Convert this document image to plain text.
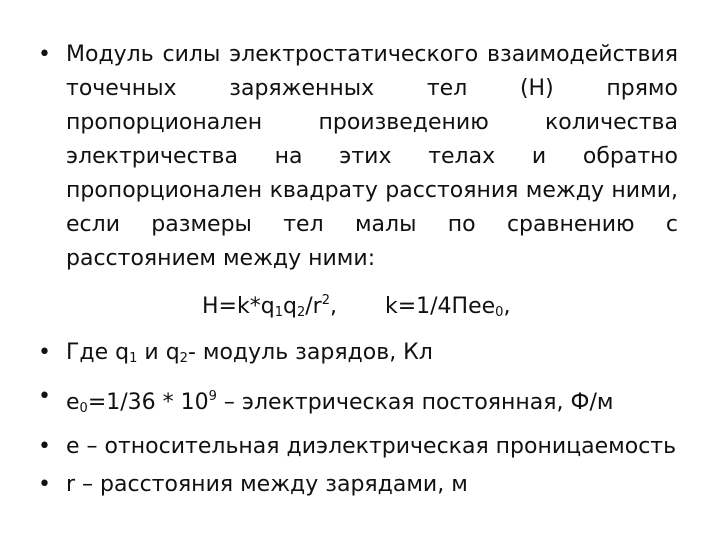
• Модуль силы электростатического взаимодействия точечных заряженных тел (Н) прямо пропорционален произведению количества электричества на этих телах и обратно пропорционален квадрату расстояния между ними, если размеры тел малы по сравнению с расстоянием между ними:
$Н=k*q_1q_2/r^2$, k=1/4Пее$_0$,
• Где $q_1$ и $q_2-$ модуль зарядов, Кл
• $е_0=1/36 * 10^9$ – электрическая постоянная, Ф/м
• е – относительная диэлектрическая проницаемость
• r – расстояния между зарядами, м
